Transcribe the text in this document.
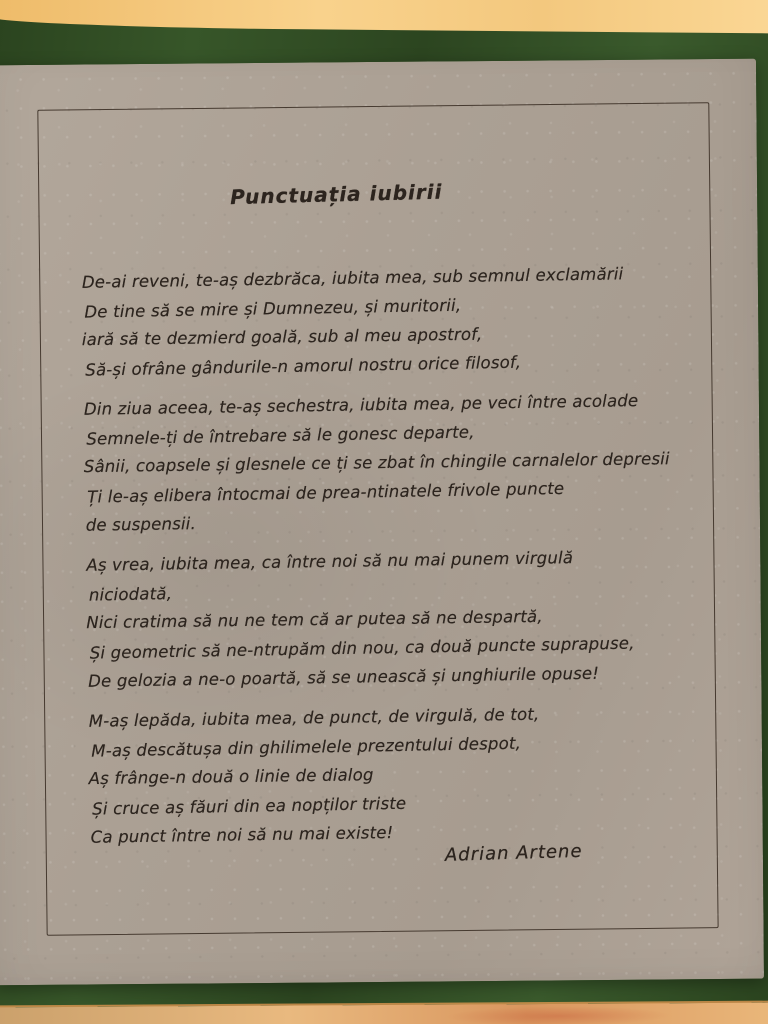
Punctuația iubirii
De-ai reveni, te-aș dezbrăca, iubita mea, sub semnul exclamării
De tine să se mire și Dumnezeu, și muritorii,
iară să te dezmierd goală, sub al meu apostrof,
Să-și ofrâne gândurile-n amorul nostru orice filosof,
Din ziua aceea, te-aș sechestra, iubita mea, pe veci între acolade
Semnele-ți de întrebare să le gonesc departe,
Sânii, coapsele și glesnele ce ți se zbat în chingile carnalelor depresii
Ți le-aș elibera întocmai de prea-ntinatele frivole puncte
de suspensii.
Aș vrea, iubita mea, ca între noi să nu mai punem virgulă
niciodată,
Nici cratima să nu ne tem că ar putea să ne despartă,
Și geometric să ne-ntrupăm din nou, ca două puncte suprapuse,
De gelozia a ne-o poartă, să se unească și unghiurile opuse!
M-aș lepăda, iubita mea, de punct, de virgulă, de tot,
M-aș descătușa din ghilimelele prezentului despot,
Aș frânge-n două o linie de dialog
Și cruce aș făuri din ea nopților triste
Ca punct între noi să nu mai existe!
Adrian Artene
